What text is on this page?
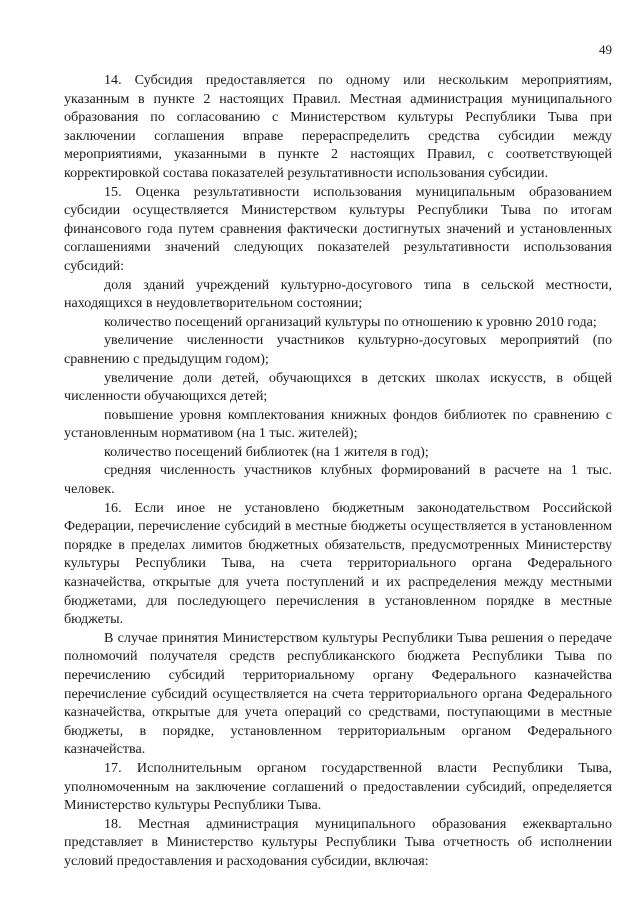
49

14. Субсидия предоставляется по одному или нескольким мероприятиям, указанным в пункте 2 настоящих Правил. Местная администрация муниципального образования по согласованию с Министерством культуры Республики Тыва при заключении соглашения вправе перераспределить средства субсидии между мероприятиями, указанными в пункте 2 настоящих Правил, с соответствующей корректировкой состава показателей результативности использования субсидии.

15. Оценка результативности использования муниципальным образованием субсидии осуществляется Министерством культуры Республики Тыва по итогам финансового года путем сравнения фактически достигнутых значений и установленных соглашениями значений следующих показателей результативности использования субсидий:

доля зданий учреждений культурно-досугового типа в сельской местности, находящихся в неудовлетворительном состоянии;

количество посещений организаций культуры по отношению к уровню 2010 года;

увеличение численности участников культурно-досуговых мероприятий (по сравнению с предыдущим годом);

увеличение доли детей, обучающихся в детских школах искусств, в общей численности обучающихся детей;

повышение уровня комплектования книжных фондов библиотек по сравнению с установленным нормативом (на 1 тыс. жителей);

количество посещений библиотек (на 1 жителя в год);

средняя численность участников клубных формирований в расчете на 1 тыс. человек.

16. Если иное не установлено бюджетным законодательством Российской Федерации, перечисление субсидий в местные бюджеты осуществляется в установленном порядке в пределах лимитов бюджетных обязательств, предусмотренных Министерству культуры Республики Тыва, на счета территориального органа Федерального казначейства, открытые для учета поступлений и их распределения между местными бюджетами, для последующего перечисления в установленном порядке в местные бюджеты.

В случае принятия Министерством культуры Республики Тыва решения о передаче полномочий получателя средств республиканского бюджета Республики Тыва по перечислению субсидий территориальному органу Федерального казначейства перечисление субсидий осуществляется на счета территориального органа Федерального казначейства, открытые для учета операций со средствами, поступающими в местные бюджеты, в порядке, установленном территориальным органом Федерального казначейства.

17. Исполнительным органом государственной власти Республики Тыва, уполномоченным на заключение соглашений о предоставлении субсидий, определяется Министерство культуры Республики Тыва.

18. Местная администрация муниципального образования ежеквартально представляет в Министерство культуры Республики Тыва отчетность об исполнении условий предоставления и расходования субсидии, включая:
